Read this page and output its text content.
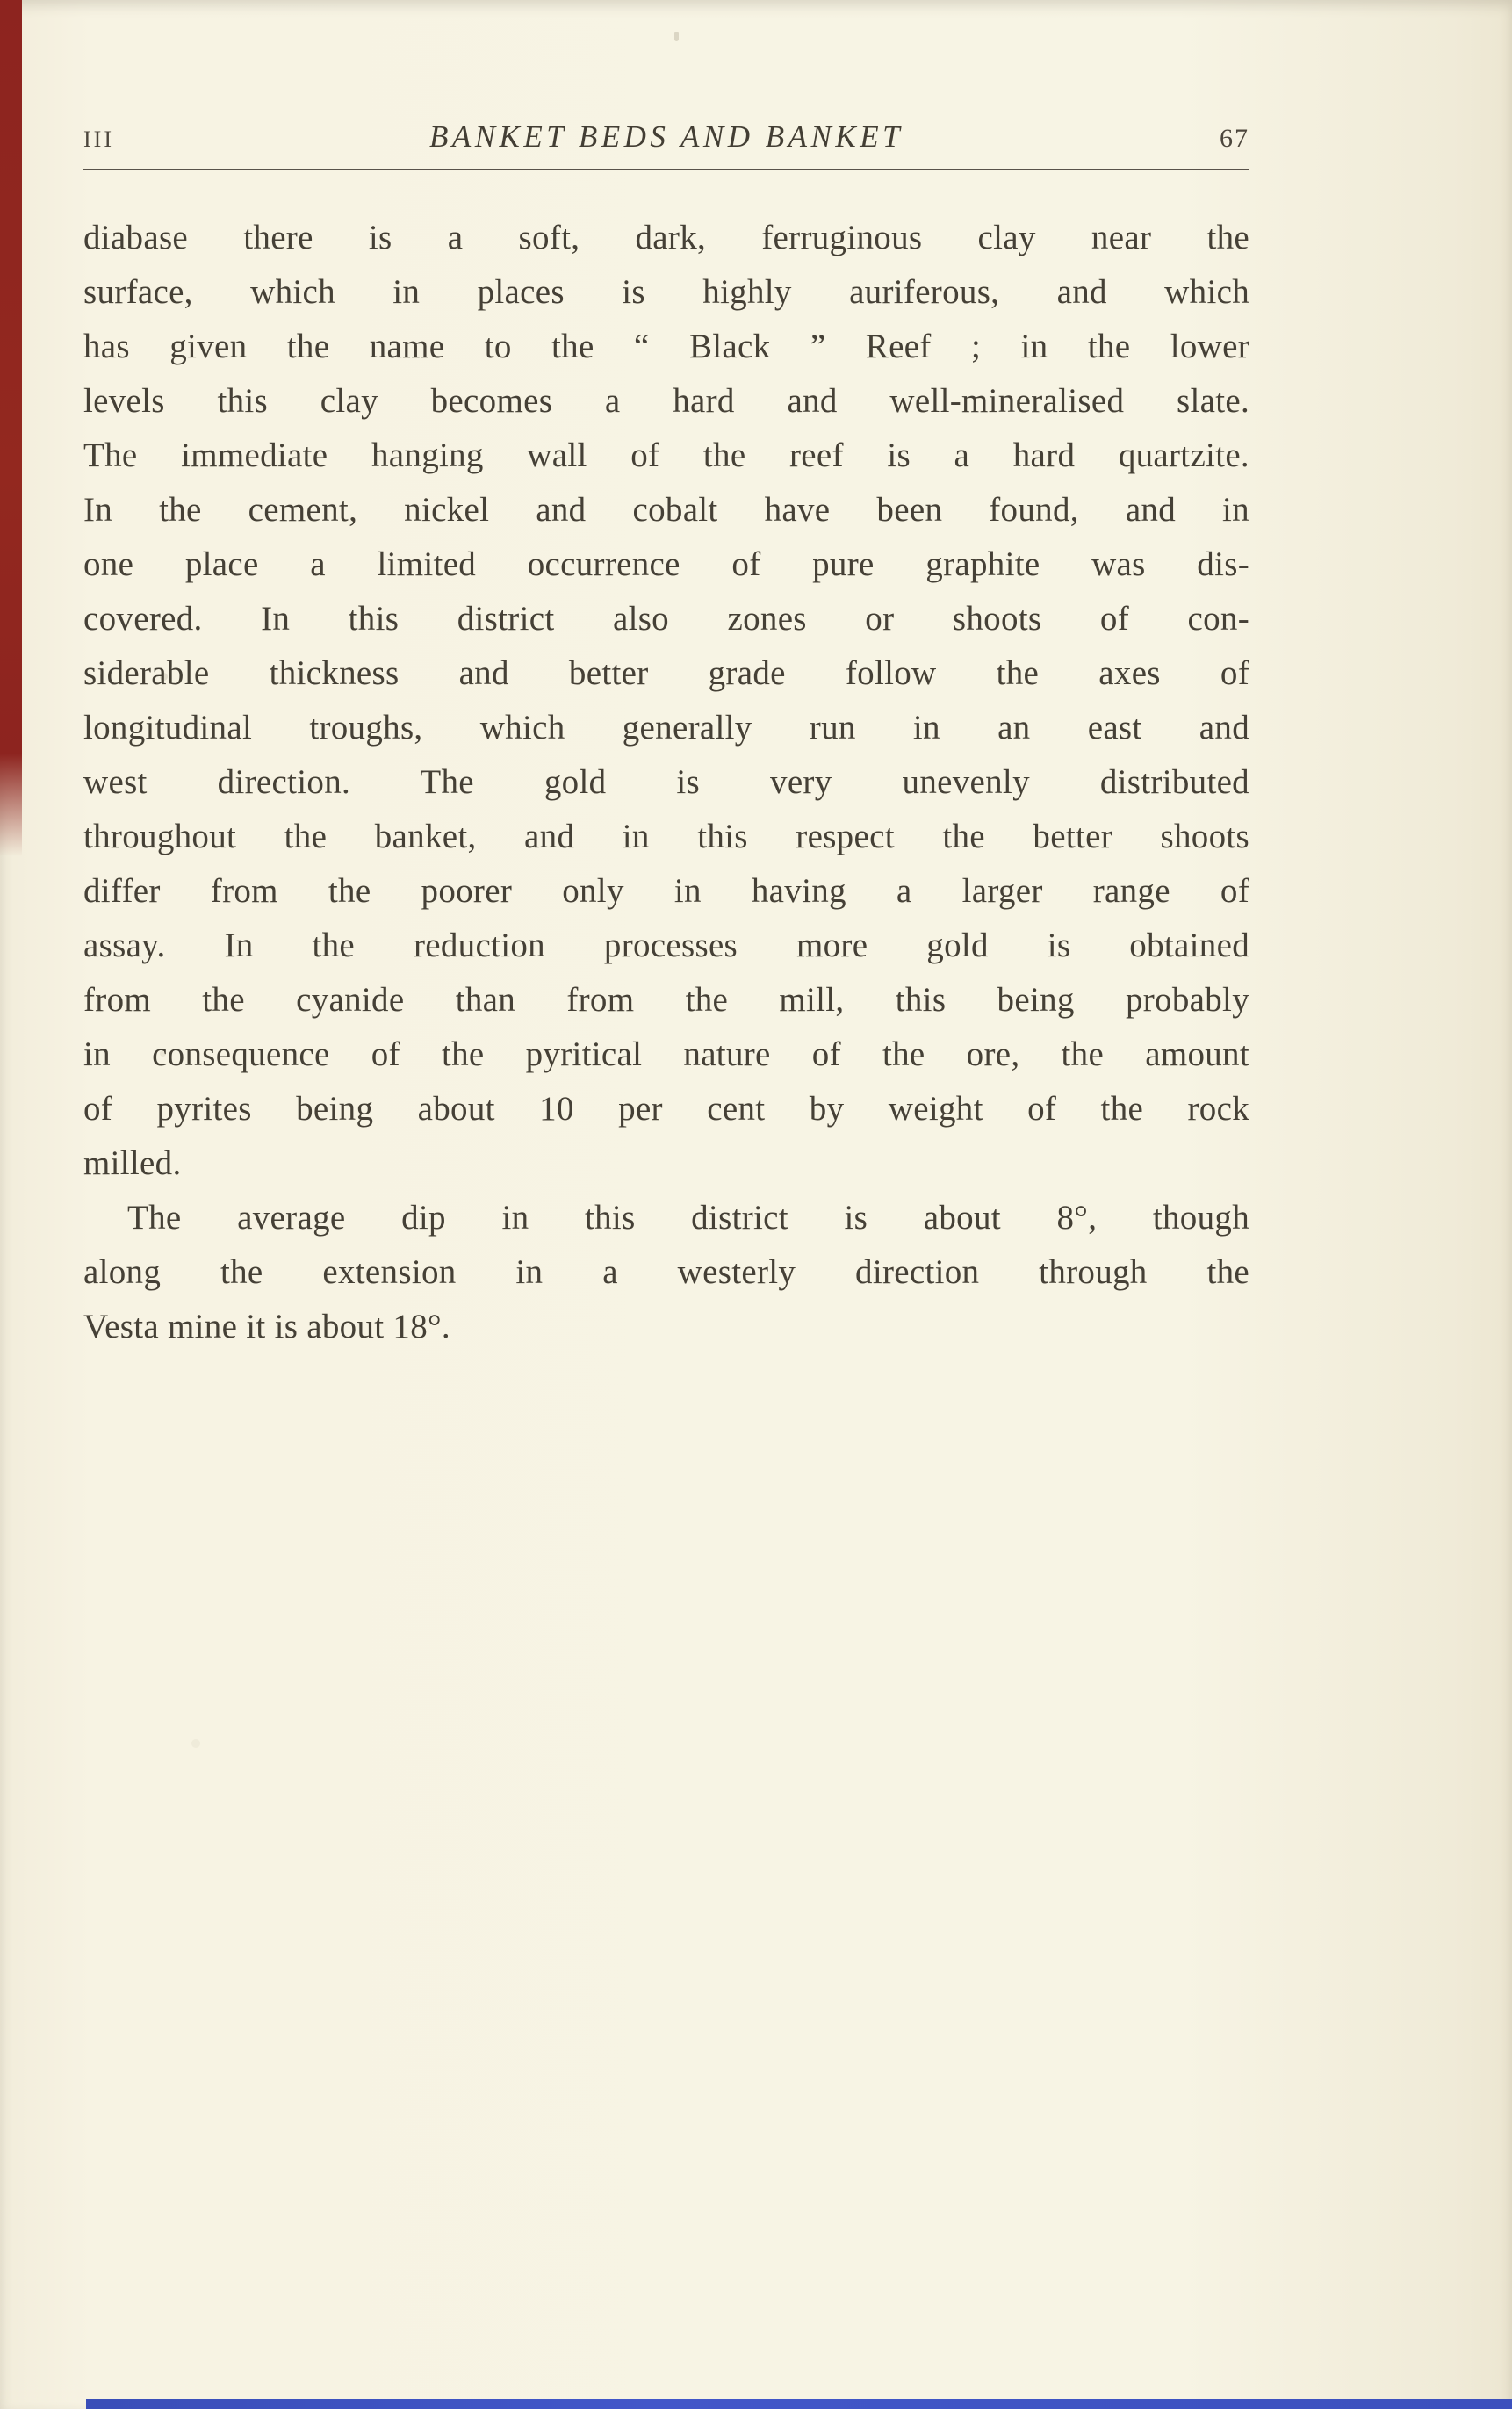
III	BANKET BEDS AND BANKET	67
diabase there is a soft, dark, ferruginous clay near the
surface, which in places is highly auriferous, and which
has given the name to the “ Black ” Reef ; in the lower
levels this clay becomes a hard and well-mineralised slate.
The immediate hanging wall of the reef is a hard quartzite.
In the cement, nickel and cobalt have been found, and in
one place a limited occurrence of pure graphite was dis-
covered. In this district also zones or shoots of con-
siderable thickness and better grade follow the axes of
longitudinal troughs, which generally run in an east and
west direction. The gold is very unevenly distributed
throughout the banket, and in this respect the better shoots
differ from the poorer only in having a larger range of
assay. In the reduction processes more gold is obtained
from the cyanide than from the mill, this being probably
in consequence of the pyritical nature of the ore, the amount
of pyrites being about 10 per cent by weight of the rock
milled.
The average dip in this district is about 8°, though
along the extension in a westerly direction through the
Vesta mine it is about 18°.
